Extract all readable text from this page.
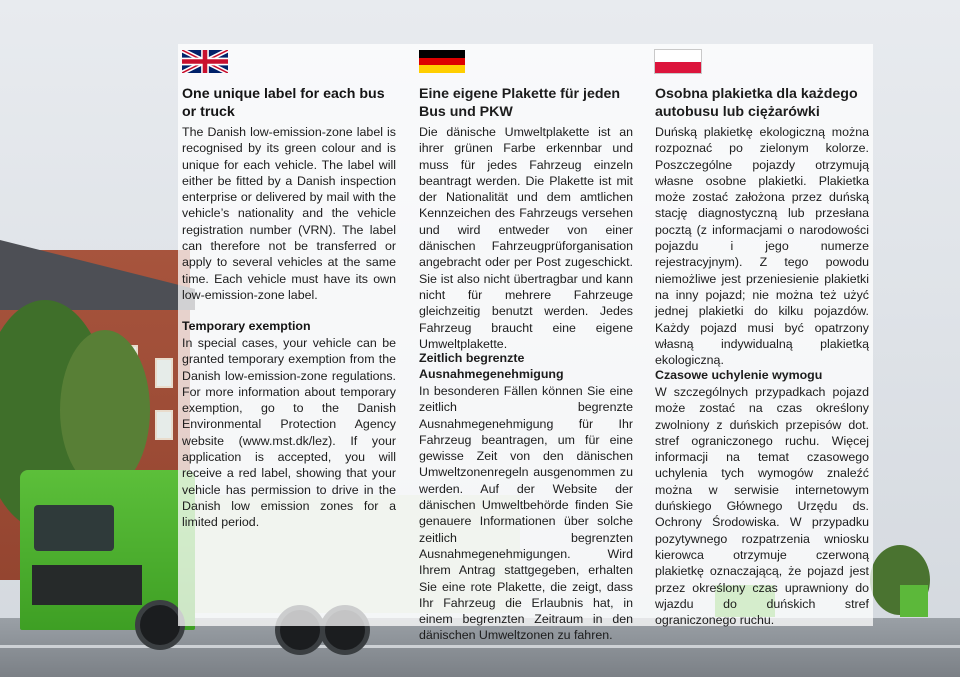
One unique label for each bus or truck

The Danish low-emission-zone label is recognised by its green colour and is unique for each vehicle. The label will either be fitted by a Danish inspection enterprise or delivered by mail with the vehicle’s nationality and the vehicle registration number (VRN). The label can therefore not be transferred or apply to several vehicles at the same time. Each vehicle must have its own low-emission-zone label.

Temporary exemption

In special cases, your vehicle can be granted temporary exemption from the Danish low-emission-zone regulations. For more information about temporary exemption, go to the Danish Environmental Protection Agency website (www.mst.dk/lez). If your application is accepted, you will receive a red label, showing that your vehicle has permission to drive in the Danish low emission zones for a limited period.

Eine eigene Plakette für jeden Bus und PKW

Die dänische Umweltplakette ist an ihrer grünen Farbe erkennbar und muss für jedes Fahrzeug einzeln beantragt werden. Die Plakette ist mit der Nationalität und dem amtlichen Kennzeichen des Fahrzeugs versehen und wird entweder von einer dänischen Fahrzeugprüforganisation angebracht oder per Post zugeschickt. Sie ist also nicht übertragbar und kann nicht für mehrere Fahrzeuge gleichzeitig benutzt werden. Jedes Fahrzeug braucht eine eigene Umweltplakette.

Zeitlich begrenzte Ausnahmegenehmigung

In besonderen Fällen können Sie eine zeitlich begrenzte Ausnahmegenehmigung für Ihr Fahrzeug beantragen, um für eine gewisse Zeit von den dänischen Umweltzonenregeln ausgenommen zu werden. Auf der Website der dänischen Umweltbehörde finden Sie genauere Informationen über solche zeitlich begrenzten Ausnahmegenehmigungen. Wird Ihrem Antrag stattgegeben, erhalten Sie eine rote Plakette, die zeigt, dass Ihr Fahrzeug die Erlaubnis hat, in einem begrenzten Zeitraum in den dänischen Umweltzonen zu fahren.

Osobna plakietka dla każdego autobusu lub ciężarówki

Duńską plakietkę ekologiczną można rozpoznać po zielonym kolorze. Poszczególne pojazdy otrzymują własne osobne plakietki. Plakietka może zostać założona przez duńską stację diagnostyczną lub przesłana pocztą (z informacjami o narodowości pojazdu i jego numerze rejestracyjnym). Z tego powodu niemożliwe jest przeniesienie plakietki na inny pojazd; nie można też użyć jednej plakietki do kilku pojazdów. Każdy pojazd musi być opatrzony własną indywidualną plakietką ekologiczną.

Czasowe uchylenie wymogu

W szczególnych przypadkach pojazd może zostać na czas określony zwolniony z duńskich przepisów dot. stref ograniczonego ruchu. Więcej informacji na temat czasowego uchylenia tych wymogów znaleźć można w serwisie internetowym duńskiego Głównego Urzędu ds. Ochrony Środowiska. W przypadku pozytywnego rozpatrzenia wniosku kierowca otrzymuje czerwoną plakietkę oznaczającą, że pojazd jest przez określony czas uprawniony do wjazdu do duńskich stref ograniczonego ruchu.
